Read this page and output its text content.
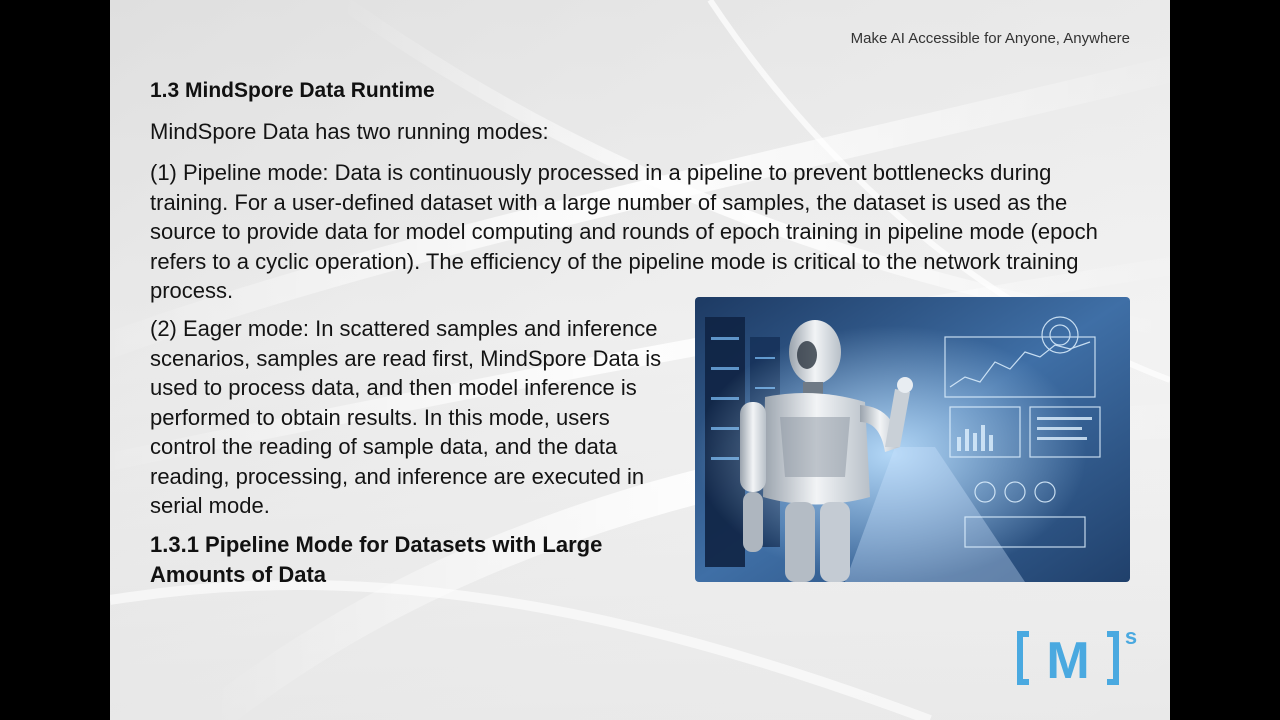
Make AI Accessible for Anyone, Anywhere
1.3 MindSpore Data Runtime

MindSpore Data has two running modes:

(1) Pipeline mode: Data is continuously processed in a pipeline to prevent bottlenecks during training. For a user-defined dataset with a large number of samples, the dataset is used as the source to provide data for model computing and rounds of epoch training in pipeline mode (epoch refers to a cyclic operation). The efficiency of the pipeline mode is critical to the network training process.

(2) Eager mode: In scattered samples and inference scenarios, samples are read first, MindSpore Data is used to process data, and then model inference is performed to obtain results. In this mode, users control the reading of sample data, and the data reading, processing, and inference are executed in serial mode.

1.3.1 Pipeline Mode for Datasets with Large Amounts of Data
M s
